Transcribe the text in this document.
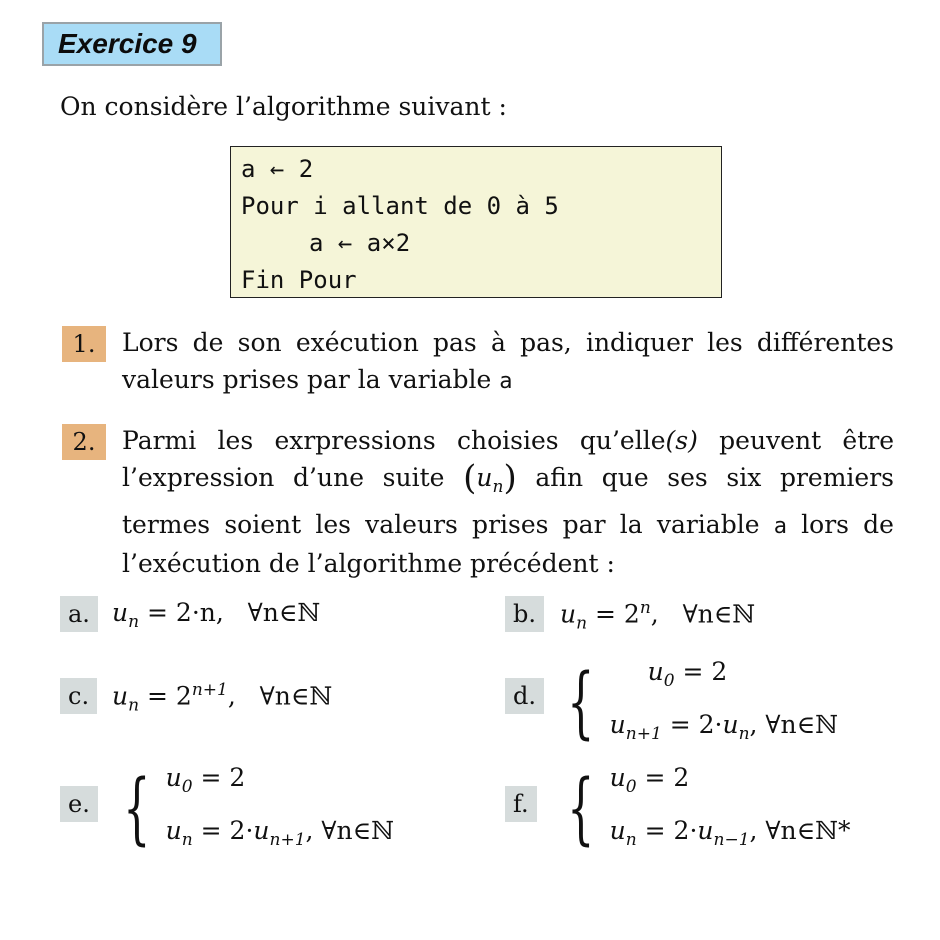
Exercice 9
On considère l’algorithme suivant :
a ← 2
Pour i allant de 0 à 5
a ← a×2
Fin Pour
1.	Lors de son exécution pas à pas, indiquer les différentes valeurs prises par la variable a
2.	Parmi les exrpressions choisies qu’elle(s) peuvent être l’expression d’une suite $(u_n)$ afin que ses six premiers termes soient les valeurs prises par la variable a lors de l’exécution de l’algorithme précédent :
a. $u_n = 2\cdot n$, ∀n∈ℕ	b. $u_n = 2^n$, ∀n∈ℕ
c. $u_n = 2^{n+1}$, ∀n∈ℕ	d. {	$u_0 = 2$
$u_{n+1} = 2\cdot u_n$, ∀n∈ℕ
e. { $u_0 = 2$
$u_n = 2\cdot u_{n+1}$, ∀n∈ℕ
f. { $u_0 = 2$
$u_n = 2\cdot u_{n-1}$, ∀n∈ℕ*
